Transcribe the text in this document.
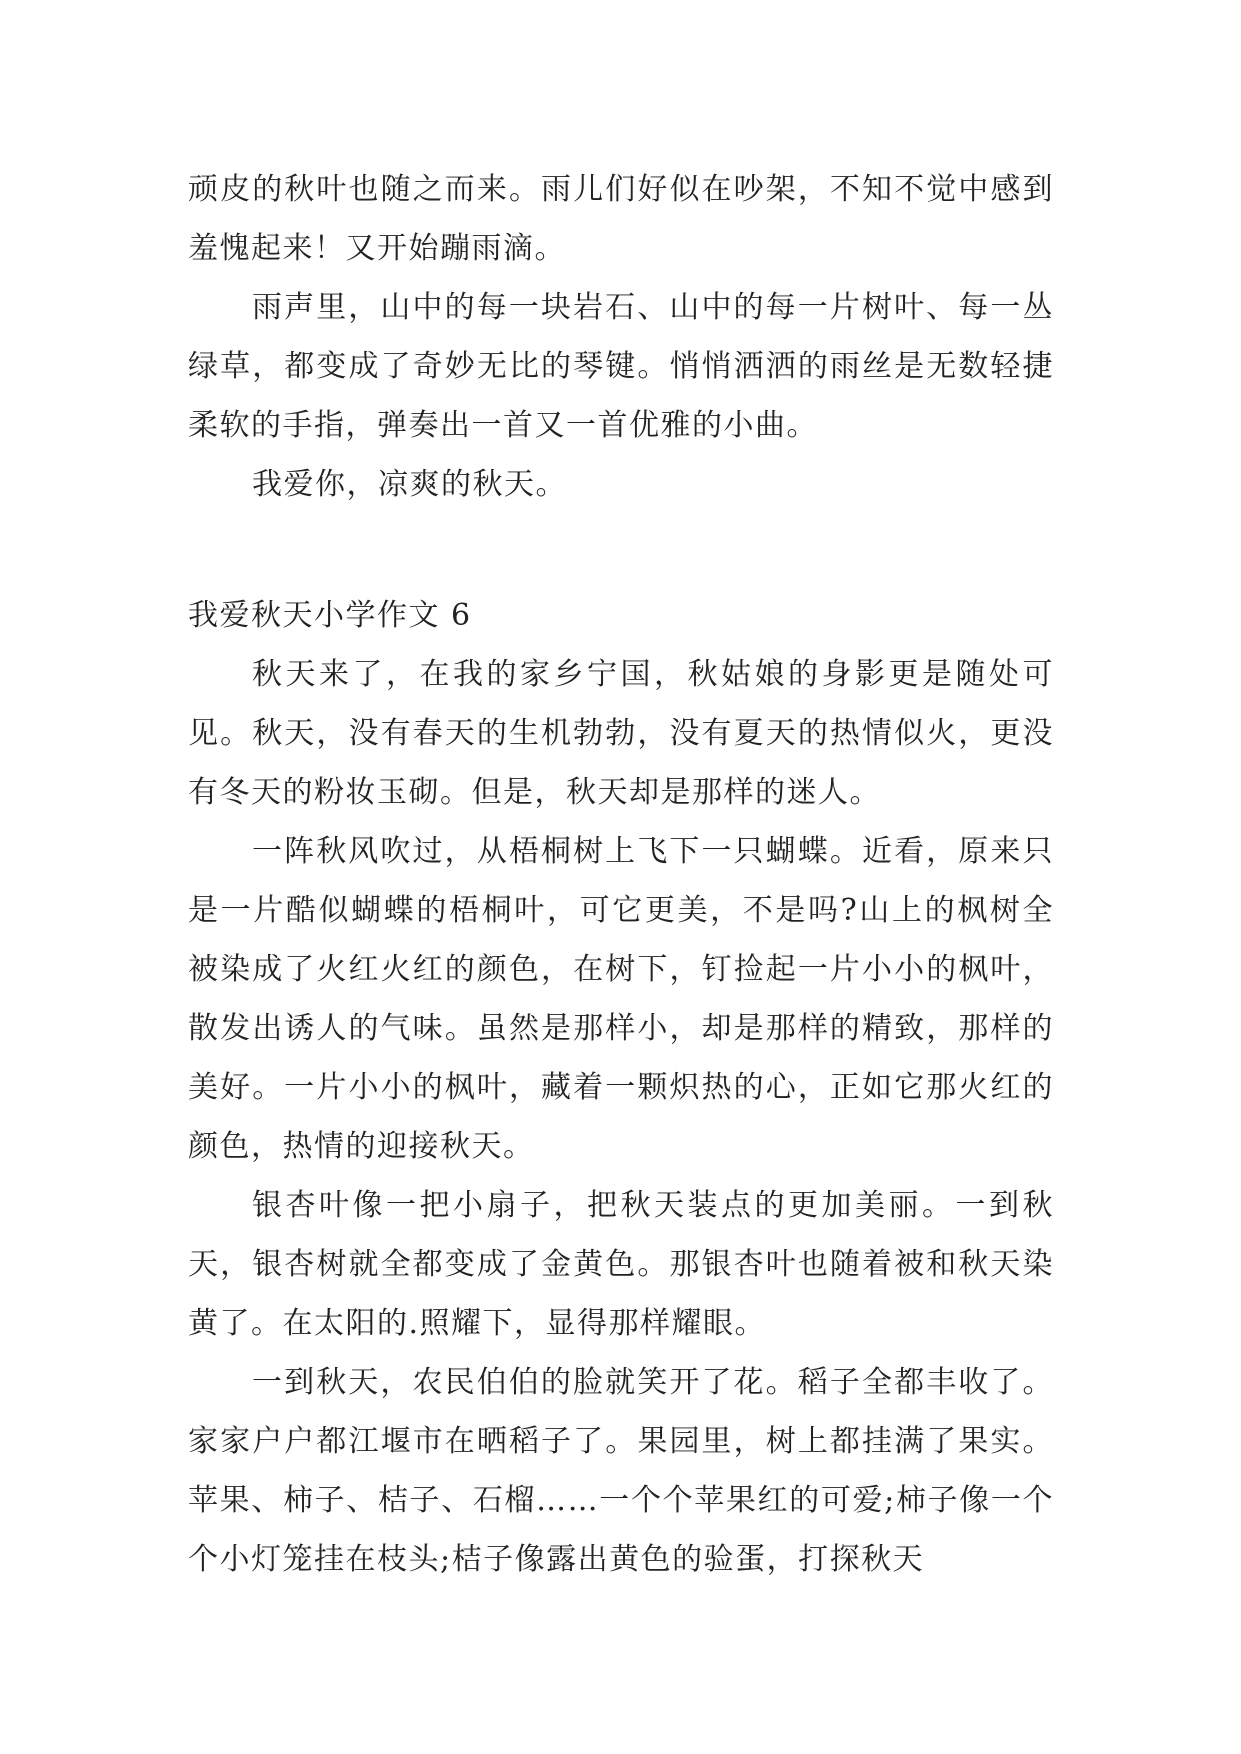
顽皮的秋叶也随之而来。雨儿们好似在吵架，不知不觉中感到羞愧起来！又开始蹦雨滴。

雨声里，山中的每一块岩石、山中的每一片树叶、每一丛绿草，都变成了奇妙无比的琴键。悄悄洒洒的雨丝是无数轻捷柔软的手指，弹奏出一首又一首优雅的小曲。

我爱你，凉爽的秋天。

我爱秋天小学作文 6

秋天来了，在我的家乡宁国，秋姑娘的身影更是随处可见。秋天，没有春天的生机勃勃，没有夏天的热情似火，更没有冬天的粉妆玉砌。但是，秋天却是那样的迷人。

一阵秋风吹过，从梧桐树上飞下一只蝴蝶。近看，原来只是一片酷似蝴蝶的梧桐叶，可它更美，不是吗?山上的枫树全被染成了火红火红的颜色，在树下，钉捡起一片小小的枫叶，散发出诱人的气味。虽然是那样小，却是那样的精致，那样的美好。一片小小的枫叶，藏着一颗炽热的心，正如它那火红的颜色，热情的迎接秋天。

银杏叶像一把小扇子，把秋天装点的更加美丽。一到秋天，银杏树就全都变成了金黄色。那银杏叶也随着被和秋天染黄了。在太阳的.照耀下，显得那样耀眼。

一到秋天，农民伯伯的脸就笑开了花。稻子全都丰收了。家家户户都江堰市在晒稻子了。果园里，树上都挂满了果实。苹果、柿子、桔子、石榴……一个个苹果红的可爱;柿子像一个个小灯笼挂在枝头;桔子像露出黄色的验蛋，打探秋天
